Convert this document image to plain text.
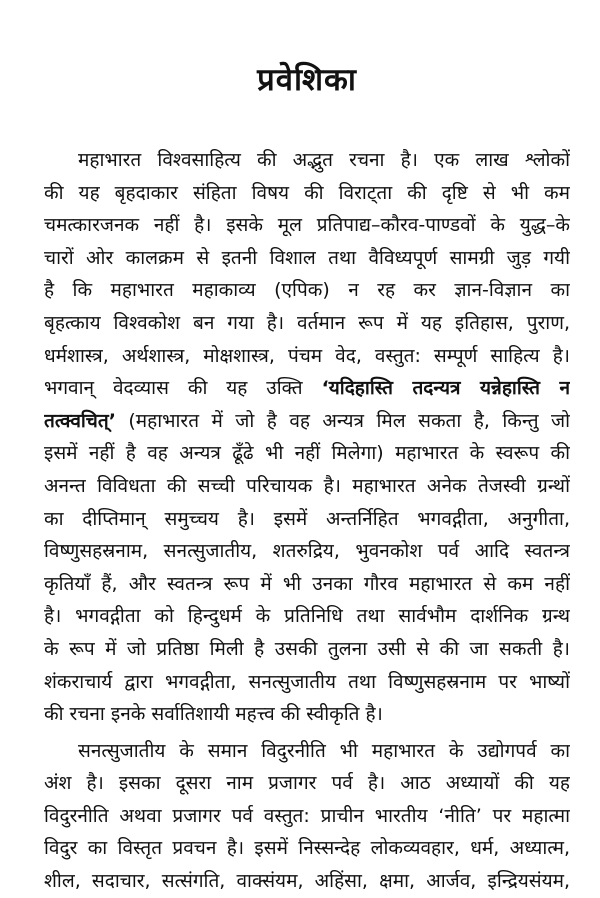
प्रवेशिका
महाभारत विश्वसाहित्य की अद्भुत रचना है। एक लाख श्लोकों
की यह बृहदाकार संहिता विषय की विराट्ता की दृष्टि से भी कम
चमत्कारजनक नहीं है। इसके मूल प्रतिपाद्य–कौरव-पाण्डवों के युद्ध–के
चारों ओर कालक्रम से इतनी विशाल तथा वैविध्यपूर्ण सामग्री जुड़ गयी
है कि महाभारत महाकाव्य (एपिक) न रह कर ज्ञान-विज्ञान का
बृहत्काय विश्वकोश बन गया है। वर्तमान रूप में यह इतिहास, पुराण,
धर्मशास्त्र, अर्थशास्त्र, मोक्षशास्त्र, पंचम वेद, वस्तुत: सम्पूर्ण साहित्य है।
भगवान् वेदव्यास की यह उक्ति ‘यदिहास्ति तदन्यत्र यन्नेहास्ति न
तत्क्वचित्’ (महाभारत में जो है वह अन्यत्र मिल सकता है, किन्तु जो
इसमें नहीं है वह अन्यत्र ढूँढे भी नहीं मिलेगा) महाभारत के स्वरूप की
अनन्त विविधता की सच्ची परिचायक है। महाभारत अनेक तेजस्वी ग्रन्थों
का दीप्तिमान् समुच्चय है। इसमें अन्तर्निहित भगवद्गीता, अनुगीता,
विष्णुसहस्रनाम, सनत्सुजातीय, शतरुद्रिय, भुवनकोश पर्व आदि स्वतन्त्र
कृतियाँ हैं, और स्वतन्त्र रूप में भी उनका गौरव महाभारत से कम नहीं
है। भगवद्गीता को हिन्दुधर्म के प्रतिनिधि तथा सार्वभौम दार्शनिक ग्रन्थ
के रूप में जो प्रतिष्ठा मिली है उसकी तुलना उसी से की जा सकती है।
शंकराचार्य द्वारा भगवद्गीता, सनत्सुजातीय तथा विष्णुसहस्रनाम पर भाष्यों
की रचना इनके सर्वातिशायी महत्त्व की स्वीकृति है।
सनत्सुजातीय के समान विदुरनीति भी महाभारत के उद्योगपर्व का
अंश है। इसका दूसरा नाम प्रजागर पर्व है। आठ अध्यायों की यह
विदुरनीति अथवा प्रजागर पर्व वस्तुत: प्राचीन भारतीय ‘नीति’ पर महात्मा
विदुर का विस्तृत प्रवचन है। इसमें निस्सन्देह लोकव्यवहार, धर्म, अध्यात्म,
शील, सदाचार, सत्संगति, वाक्संयम, अहिंसा, क्षमा, आर्जव, इन्द्रियसंयम,
